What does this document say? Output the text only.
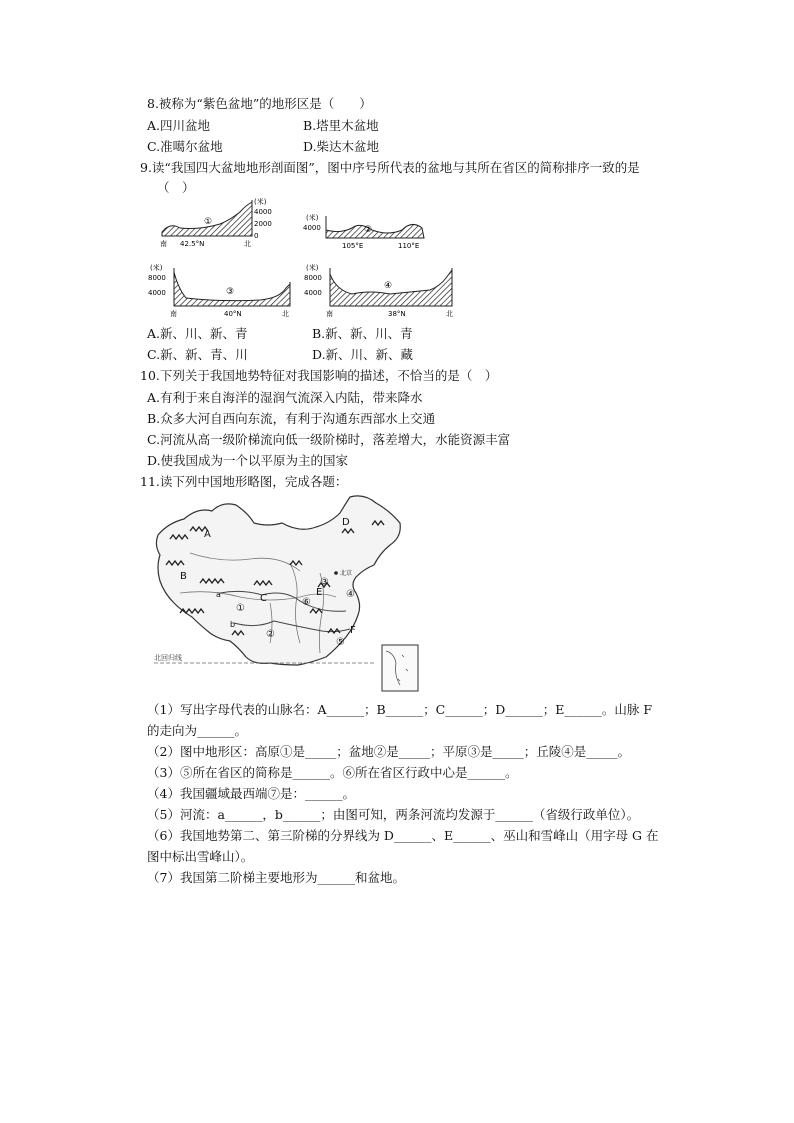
8.被称为“紫色盆地”的地形区是（　　）
A.四川盆地	B.塔里木盆地
C.准噶尔盆地	D.柴达木盆地
9.读“我国四大盆地地形剖面图”，图中序号所代表的盆地与其所在省区的简称排序一致的是
（　）
①
(米)
4000
2000
0
南 42.5°N	北
(米)
4000	②
105°E	110°E
(米)
8000
4000	③
南	40°N	北
(米)
8000
4000
④
南	38°N	北
A.新、川、新、青	B.新、新、川、青
C.新、新、青、川	D.新、川、新、藏
10.下列关于我国地势特征对我国影响的描述，不恰当的是（　）
A.有利于来自海洋的湿润气流深入内陆，带来降水
B.众多大河自西向东流，有利于沟通东西部水上交通
C.河流从高一级阶梯流向低一级阶梯时，落差增大，水能资源丰富
D.使我国成为一个以平原为主的国家
11.读下列中国地形略图，完成各题：
北回归线
北京
A
B
C
D
E
F
②
③
④
⑤
⑥
①
a
b
（1）写出字母代表的山脉名：A______；B______；C______；D______；E______。山脉 F
的走向为______。
（2）图中地形区：高原①是_____；盆地②是_____；平原③是_____；丘陵④是_____。
（3）⑤所在省区的简称是______。⑥所在省区行政中心是______。
（4）我国疆域最西端⑦是：______。
（5）河流：a______，b______；由图可知，两条河流均发源于______（省级行政单位）。
（6）我国地势第二、第三阶梯的分界线为 D______、E______、巫山和雪峰山（用字母 G 在
图中标出雪峰山）。
（7）我国第二阶梯主要地形为______和盆地。
